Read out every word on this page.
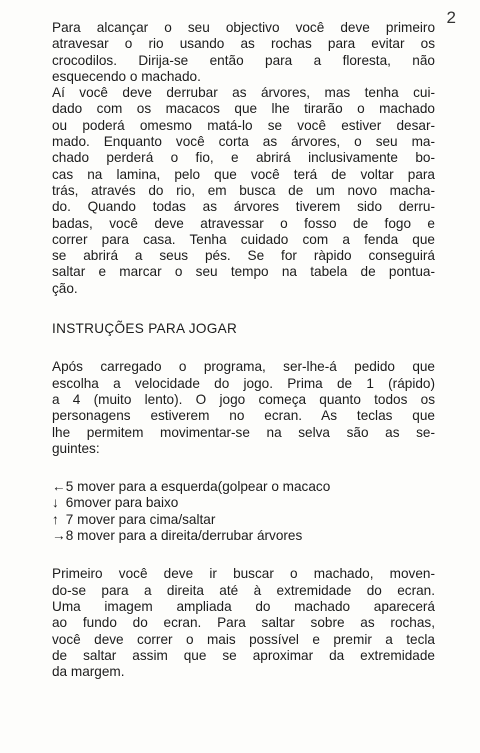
2

Para alcançar o seu objectivo você deve primeiro
atravesar o rio usando as rochas para evitar os
crocodilos. Dirija-se então para a floresta, não
esquecendo o machado.
Aí você deve derrubar as árvores, mas tenha cui-
dado com os macacos que lhe tirarão o machado
ou poderá omesmo matá-lo se você estiver desar-
mado. Enquanto você corta as árvores, o seu ma-
chado perderá o fio, e abrirá inclusivamente bo-
cas na lamina, pelo que você terá de voltar para
trás, através do rio, em busca de um novo macha-
do. Quando todas as árvores tiverem sido derru-
badas, você deve atravessar o fosso de fogo e
correr para casa. Tenha cuidado com a fenda que
se abrirá a seus pés. Se for ràpido conseguirá
saltar e marcar o seu tempo na tabela de pontua-
ção.

INSTRUÇÕES PARA JOGAR

Após carregado o programa, ser-lhe-á pedido que
escolha a velocidade do jogo. Prima de 1 (rápido)
a 4 (muito lento). O jogo começa quanto todos os
personagens estiverem no ecran. As teclas que
lhe permitem movimentar-se na selva são as se-
guintes:

← 5 mover para a esquerda(golpear o macaco
↓ 6mover para baixo
↑ 7 mover para cima/saltar
→ 8 mover para a direita/derrubar árvores

Primeiro você deve ir buscar o machado, moven-
do-se para a direita até à extremidade do ecran.
Uma imagem ampliada do machado aparecerá
ao fundo do ecran. Para saltar sobre as rochas,
você deve correr o mais possível e premir a tecla
de saltar assim que se aproximar da extremidade
da margem.
